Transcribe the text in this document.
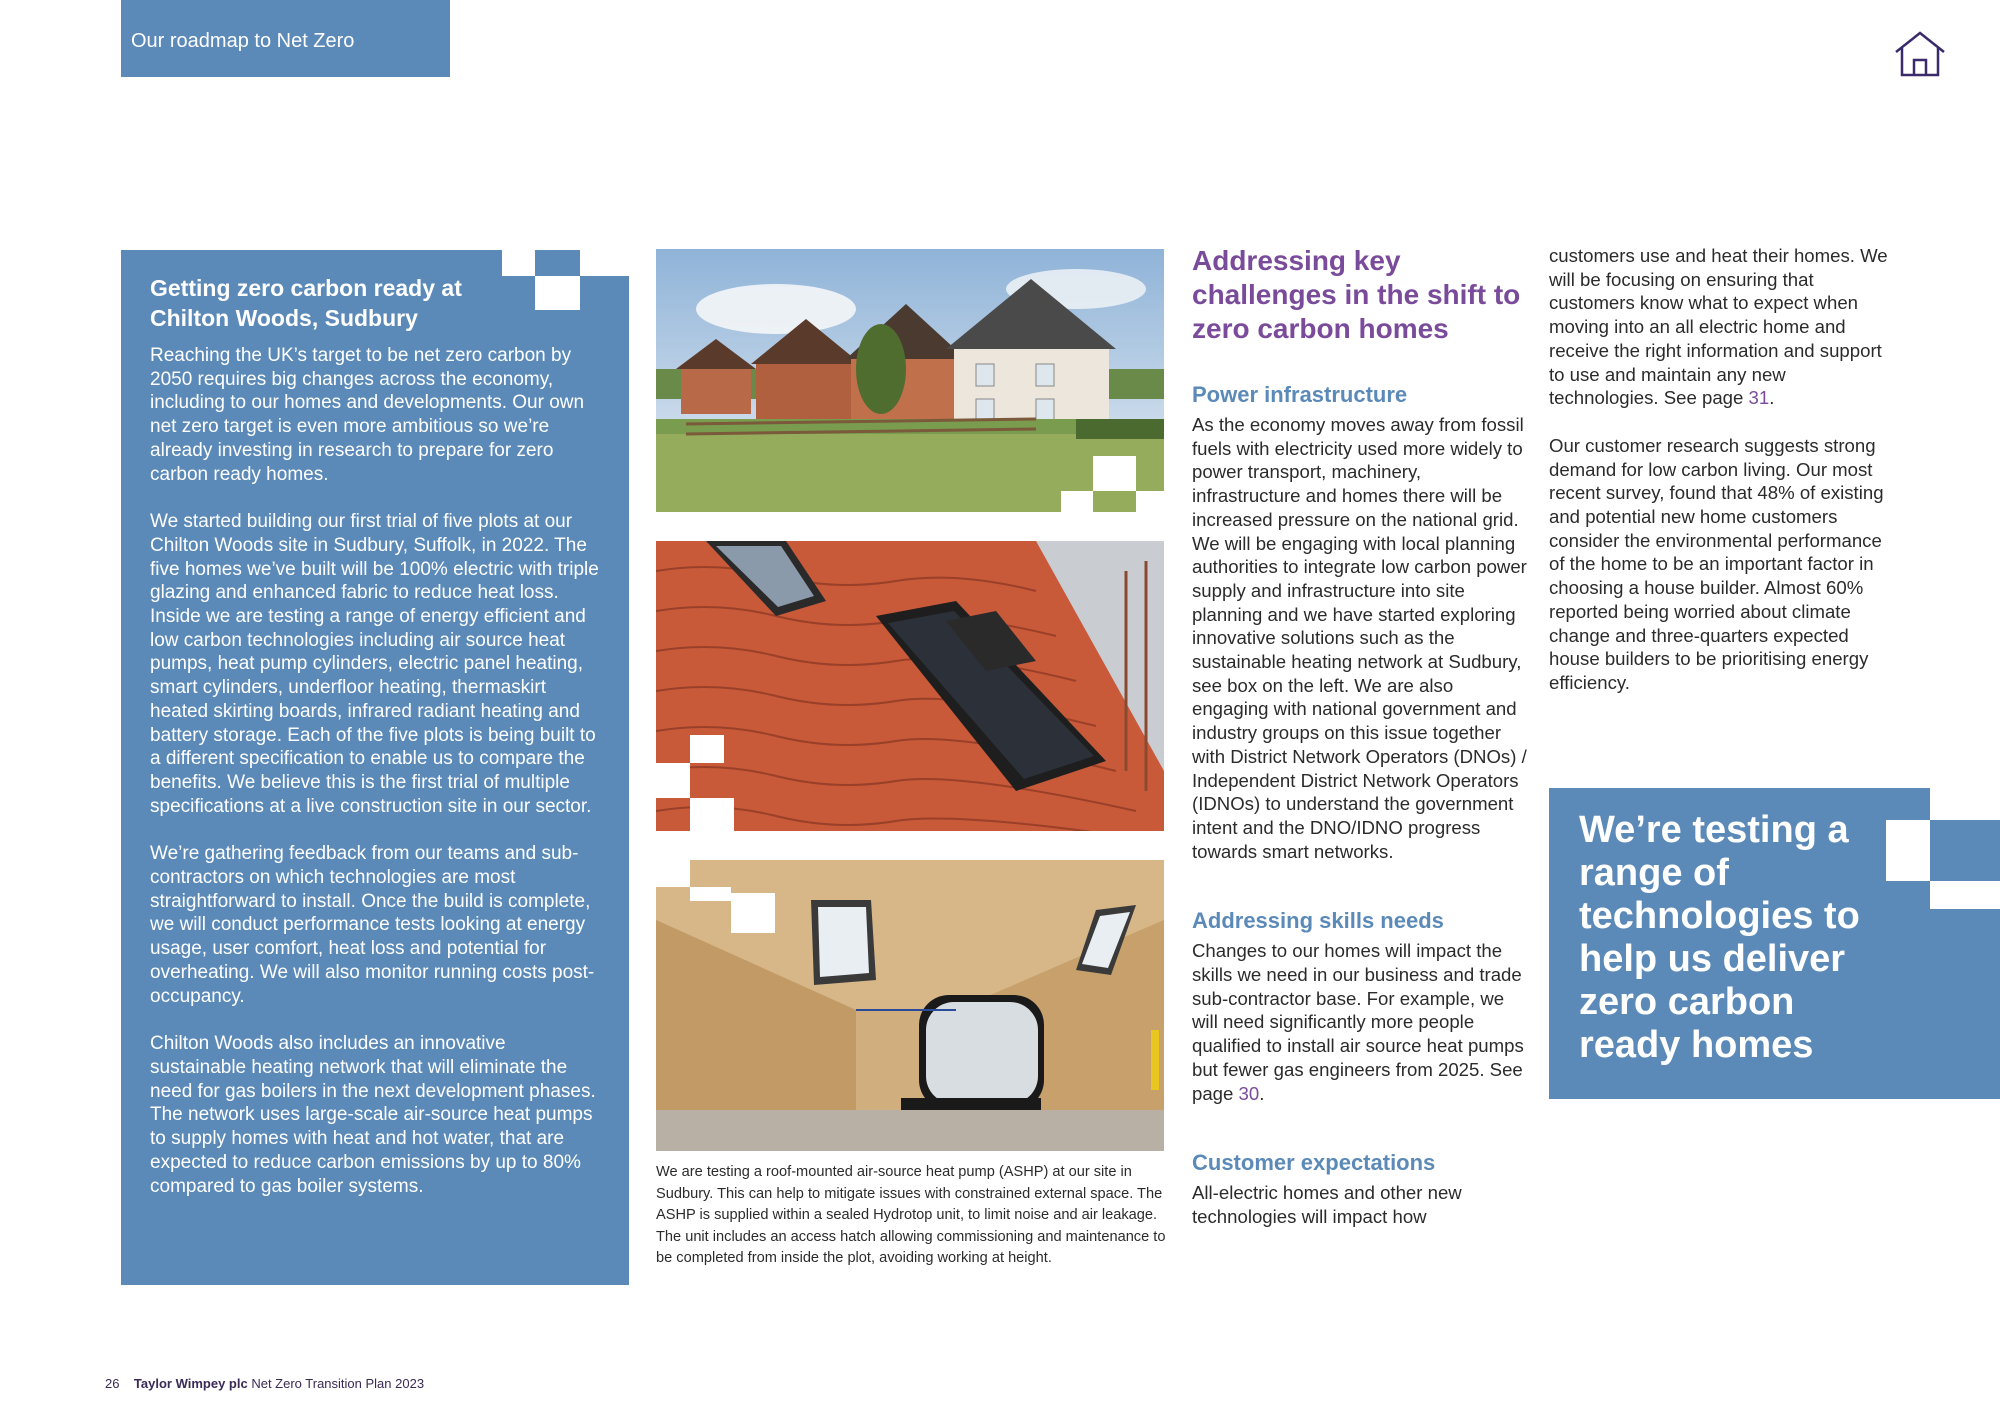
Our roadmap to Net Zero
Getting zero carbon ready at Chilton Woods, Sudbury

Reaching the UK’s target to be net zero carbon by 2050 requires big changes across the economy, including to our homes and developments. Our own net zero target is even more ambitious so we’re already investing in research to prepare for zero carbon ready homes.

We started building our first trial of five plots at our Chilton Woods site in Sudbury, Suffolk, in 2022. The five homes we’ve built will be 100% electric with triple glazing and enhanced fabric to reduce heat loss. Inside we are testing a range of energy efficient and low carbon technologies including air source heat pumps, heat pump cylinders, electric panel heating, smart cylinders, underfloor heating, thermaskirt heated skirting boards, infrared radiant heating and battery storage. Each of the five plots is being built to a different specification to enable us to compare the benefits. We believe this is the first trial of multiple specifications at a live construction site in our sector.

We’re gathering feedback from our teams and sub-contractors on which technologies are most straightforward to install. Once the build is complete, we will conduct performance tests looking at energy usage, user comfort, heat loss and potential for overheating. We will also monitor running costs post-occupancy.

Chilton Woods also includes an innovative sustainable heating network that will eliminate the need for gas boilers in the next development phases. The network uses large-scale air-source heat pumps to supply homes with heat and hot water, that are expected to reduce carbon emissions by up to 80% compared to gas boiler systems.

We are testing a roof-mounted air-source heat pump (ASHP) at our site in Sudbury. This can help to mitigate issues with constrained external space. The ASHP is supplied within a sealed Hydrotop unit, to limit noise and air leakage. The unit includes an access hatch allowing commissioning and maintenance to be completed from inside the plot, avoiding working at height.
Addressing key challenges in the shift to zero carbon homes
Power infrastructure

As the economy moves away from fossil fuels with electricity used more widely to power transport, machinery, infrastructure and homes there will be increased pressure on the national grid. We will be engaging with local planning authorities to integrate low carbon power supply and infrastructure into site planning and we have started exploring innovative solutions such as the sustainable heating network at Sudbury, see box on the left. We are also engaging with national government and industry groups on this issue together with District Network Operators (DNOs) / Independent District Network Operators (IDNOs) to understand the government intent and the DNO/IDNO progress towards smart networks.

Addressing skills needs

Changes to our homes will impact the skills we need in our business and trade sub-contractor base. For example, we will need significantly more people qualified to install air source heat pumps but fewer gas engineers from 2025. See page 30.

Customer expectations

All-electric homes and other new technologies will impact how

customers use and heat their homes. We will be focusing on ensuring that customers know what to expect when moving into an all electric home and receive the right information and support to use and maintain any new technologies. See page 31.

Our customer research suggests strong demand for low carbon living. Our most recent survey, found that 48% of existing and potential new home customers consider the environmental performance of the home to be an important factor in choosing a house builder. Almost 60% reported being worried about climate change and three-quarters expected house builders to be prioritising energy efficiency.

We’re testing a range of technologies to help us deliver zero carbon ready homes
26 Taylor Wimpey plc Net Zero Transition Plan 2023
